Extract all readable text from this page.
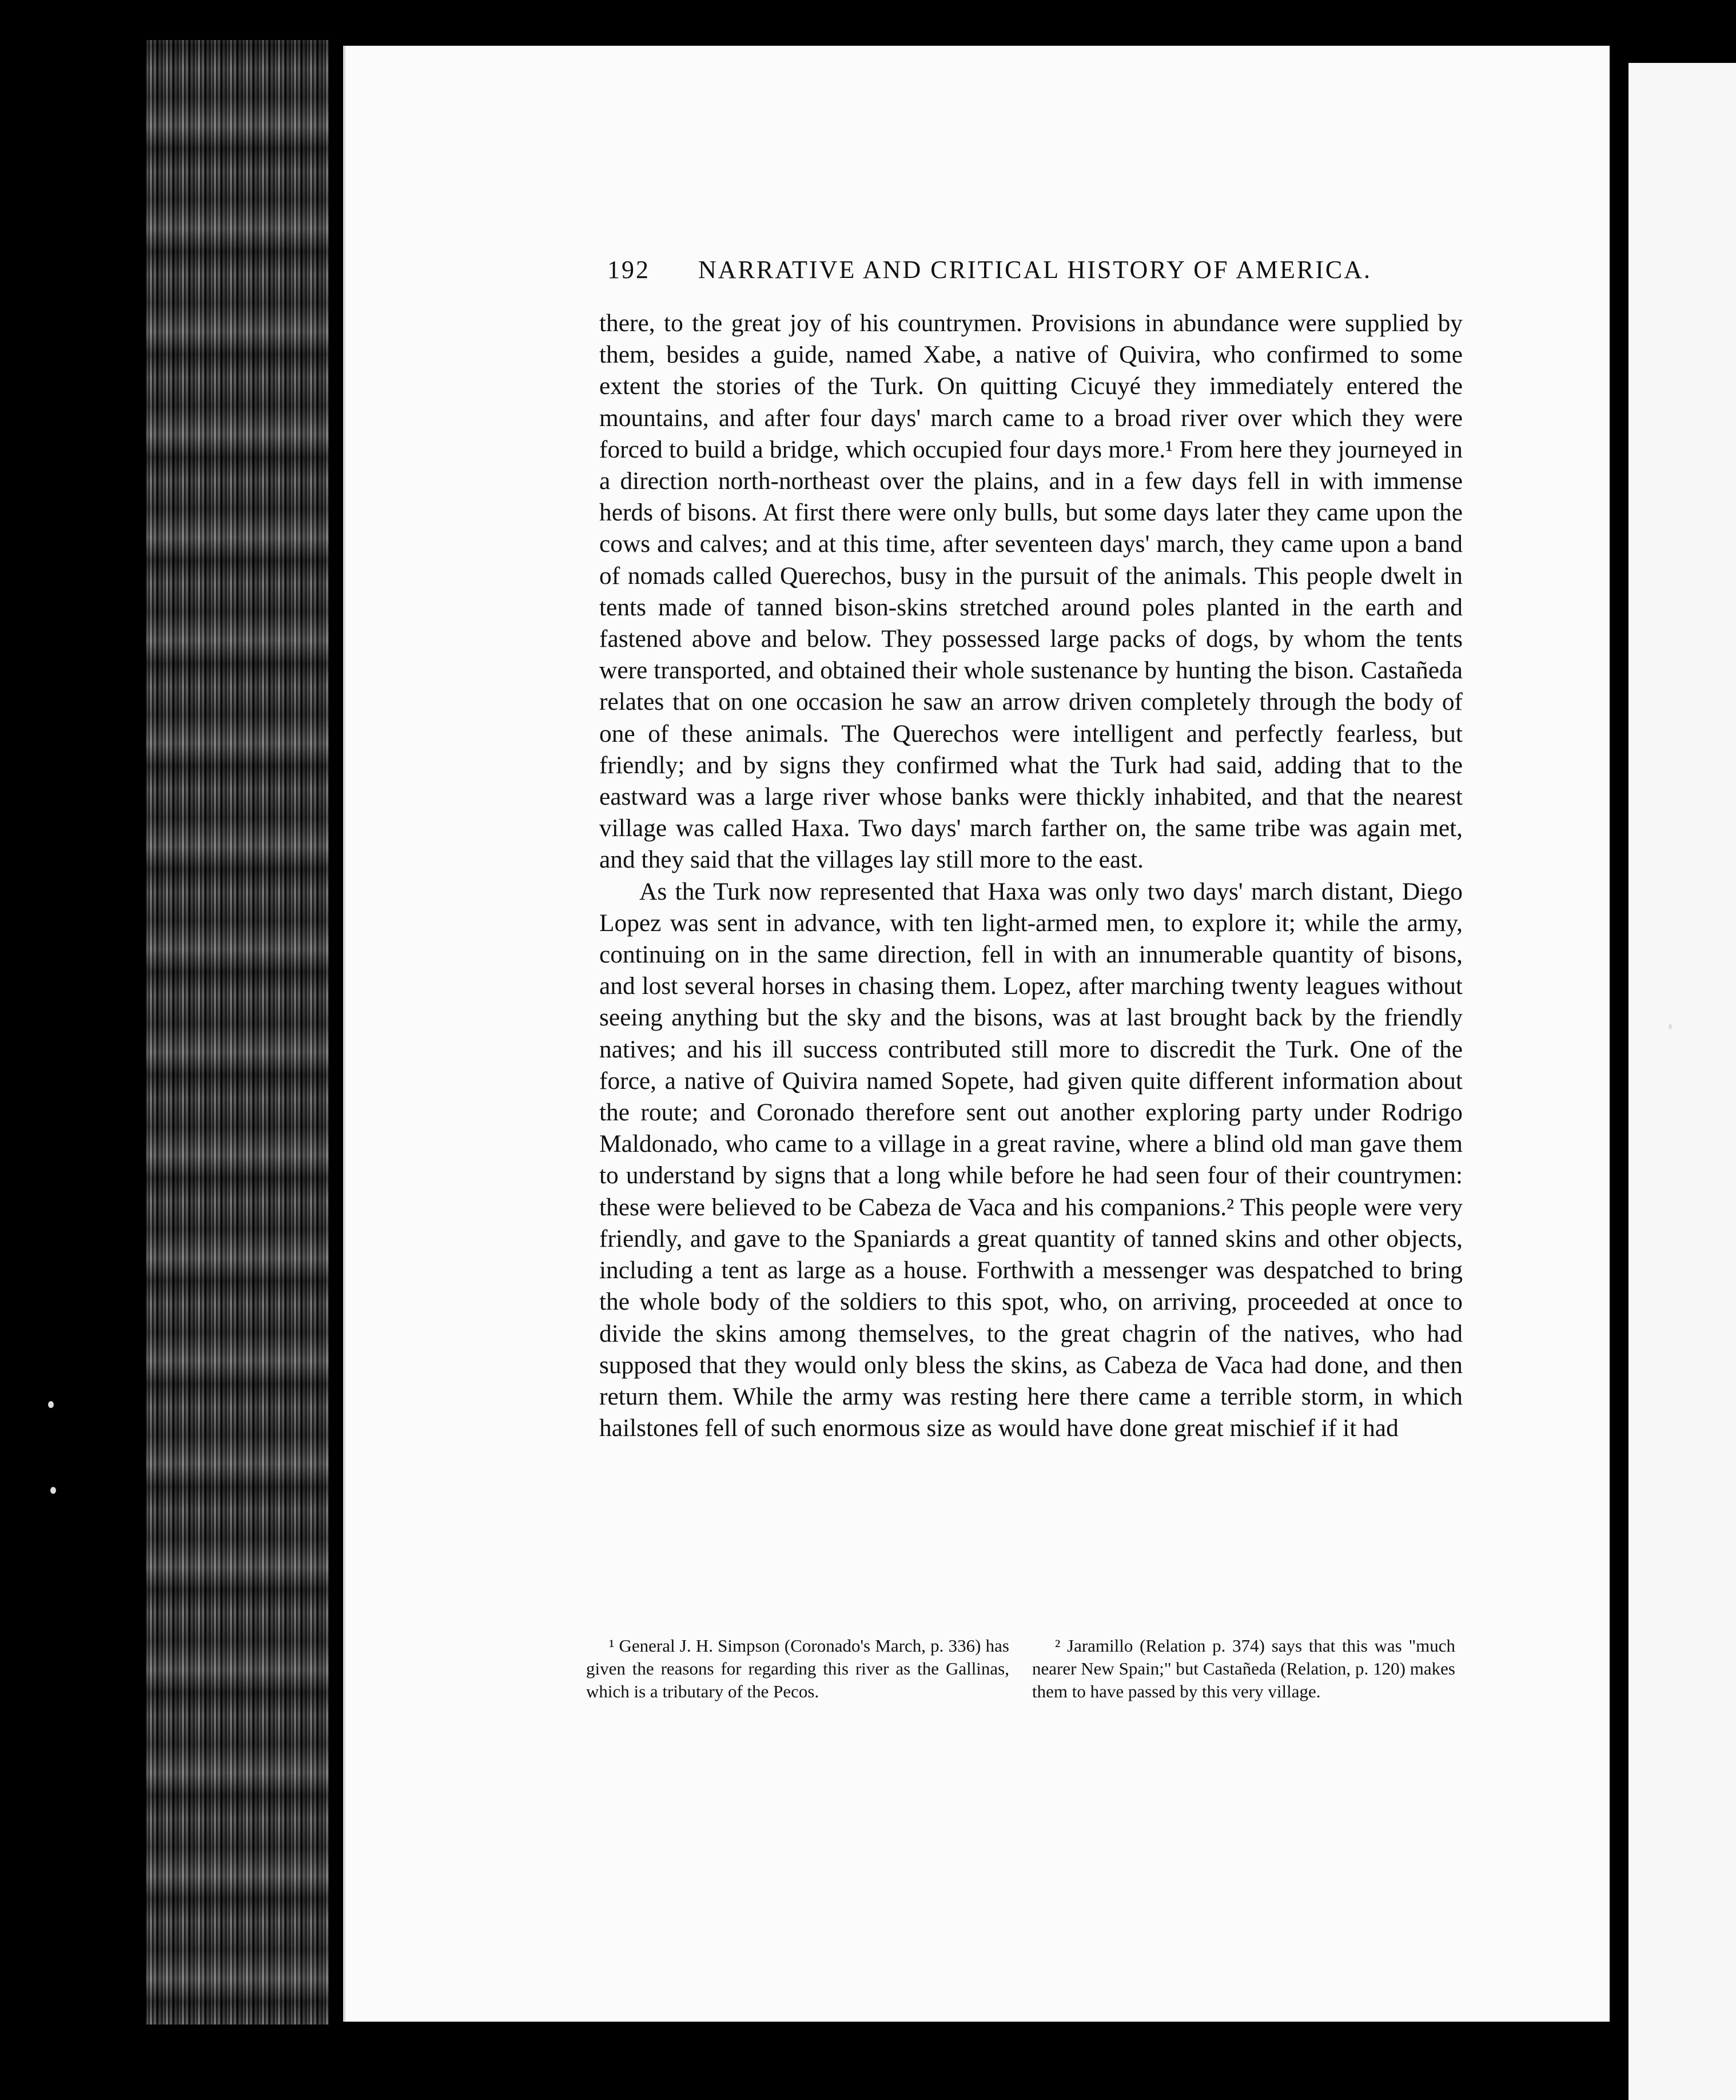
192 NARRATIVE AND CRITICAL HISTORY OF AMERICA.

there, to the great joy of his countrymen. Provisions in abundance were supplied by them, besides a guide, named Xabe, a native of Quivira, who confirmed to some extent the stories of the Turk. On quitting Cicuyé they immediately entered the mountains, and after four days' march came to a broad river over which they were forced to build a bridge, which occupied four days more.¹ From here they journeyed in a direction north-northeast over the plains, and in a few days fell in with immense herds of bisons. At first there were only bulls, but some days later they came upon the cows and calves; and at this time, after seventeen days' march, they came upon a band of nomads called Querechos, busy in the pursuit of the animals. This people dwelt in tents made of tanned bison-skins stretched around poles planted in the earth and fastened above and below. They possessed large packs of dogs, by whom the tents were transported, and obtained their whole sustenance by hunting the bison. Castañeda relates that on one occasion he saw an arrow driven completely through the body of one of these animals. The Querechos were intelligent and perfectly fearless, but friendly; and by signs they confirmed what the Turk had said, adding that to the eastward was a large river whose banks were thickly inhabited, and that the nearest village was called Haxa. Two days' march farther on, the same tribe was again met, and they said that the villages lay still more to the east.

As the Turk now represented that Haxa was only two days' march distant, Diego Lopez was sent in advance, with ten light-armed men, to explore it; while the army, continuing on in the same direction, fell in with an innumerable quantity of bisons, and lost several horses in chasing them. Lopez, after marching twenty leagues without seeing anything but the sky and the bisons, was at last brought back by the friendly natives; and his ill success contributed still more to discredit the Turk. One of the force, a native of Quivira named Sopete, had given quite different information about the route; and Coronado therefore sent out another exploring party under Rodrigo Maldonado, who came to a village in a great ravine, where a blind old man gave them to understand by signs that a long while before he had seen four of their countrymen: these were believed to be Cabeza de Vaca and his companions.² This people were very friendly, and gave to the Spaniards a great quantity of tanned skins and other objects, including a tent as large as a house. Forthwith a messenger was despatched to bring the whole body of the soldiers to this spot, who, on arriving, proceeded at once to divide the skins among themselves, to the great chagrin of the natives, who had supposed that they would only bless the skins, as Cabeza de Vaca had done, and then return them. While the army was resting here there came a terrible storm, in which hailstones fell of such enormous size as would have done great mischief if it had

¹ General J. H. Simpson (Coronado's March, p. 336) has given the reasons for regarding this river as the Gallinas, which is a tributary of the Pecos.

² Jaramillo (Relation p. 374) says that this was "much nearer New Spain;" but Castañeda (Relation, p. 120) makes them to have passed by this very village.
